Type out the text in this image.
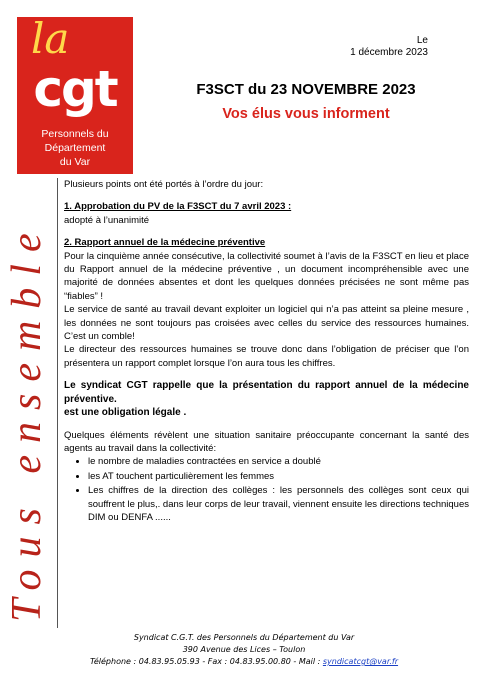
la
cgt
Personnels du
Département
du Var
Le
1 décembre 2023
F3SCT du 23 NOVEMBRE 2023
Vos élus vous informent
Tous ensemble

Plusieurs points ont été portés à l’ordre du jour:

1. Approbation du PV de la F3SCT du 7 avril 2023 :

adopté à l’unanimité

2. Rapport annuel de la médecine préventive

Pour la cinquième année consécutive, la collectivité soumet à l’avis de la F3SCT en lieu et place du Rapport annuel de la médecine préventive , un document incompréhensible avec une majorité de données absentes et dont les quelques données précisées ne sont même pas “fiables” !

Le service de santé au travail devant exploiter un logiciel qui n’a pas atteint sa pleine mesure , les données ne sont toujours pas croisées avec celles du service des ressources humaines. C’est un comble!

Le directeur des ressources humaines se trouve donc dans l’obligation de préciser que l’on présentera un rapport complet lorsque l’on aura tous les chiffres.

Le syndicat CGT rappelle que la présentation du rapport annuel de la médecine préventive.

est une obligation légale .

Quelques éléments révèlent une situation sanitaire préoccupante concernant la santé des agents au travail dans la collectivité:

• le nombre de maladies contractées en service a doublé
• les AT touchent particulièrement les femmes
• Les chiffres de la direction des collèges : les personnels des collèges sont ceux qui souffrent le plus,. dans leur corps de leur travail, viennent ensuite les directions techniques DIM ou DENFA ......
Syndicat C.G.T. des Personnels du Département du Var
390 Avenue des Lices – Toulon
Téléphone : 04.83.95.05.93 - Fax : 04.83.95.00.80 - Mail : syndicatcgt@var.fr
